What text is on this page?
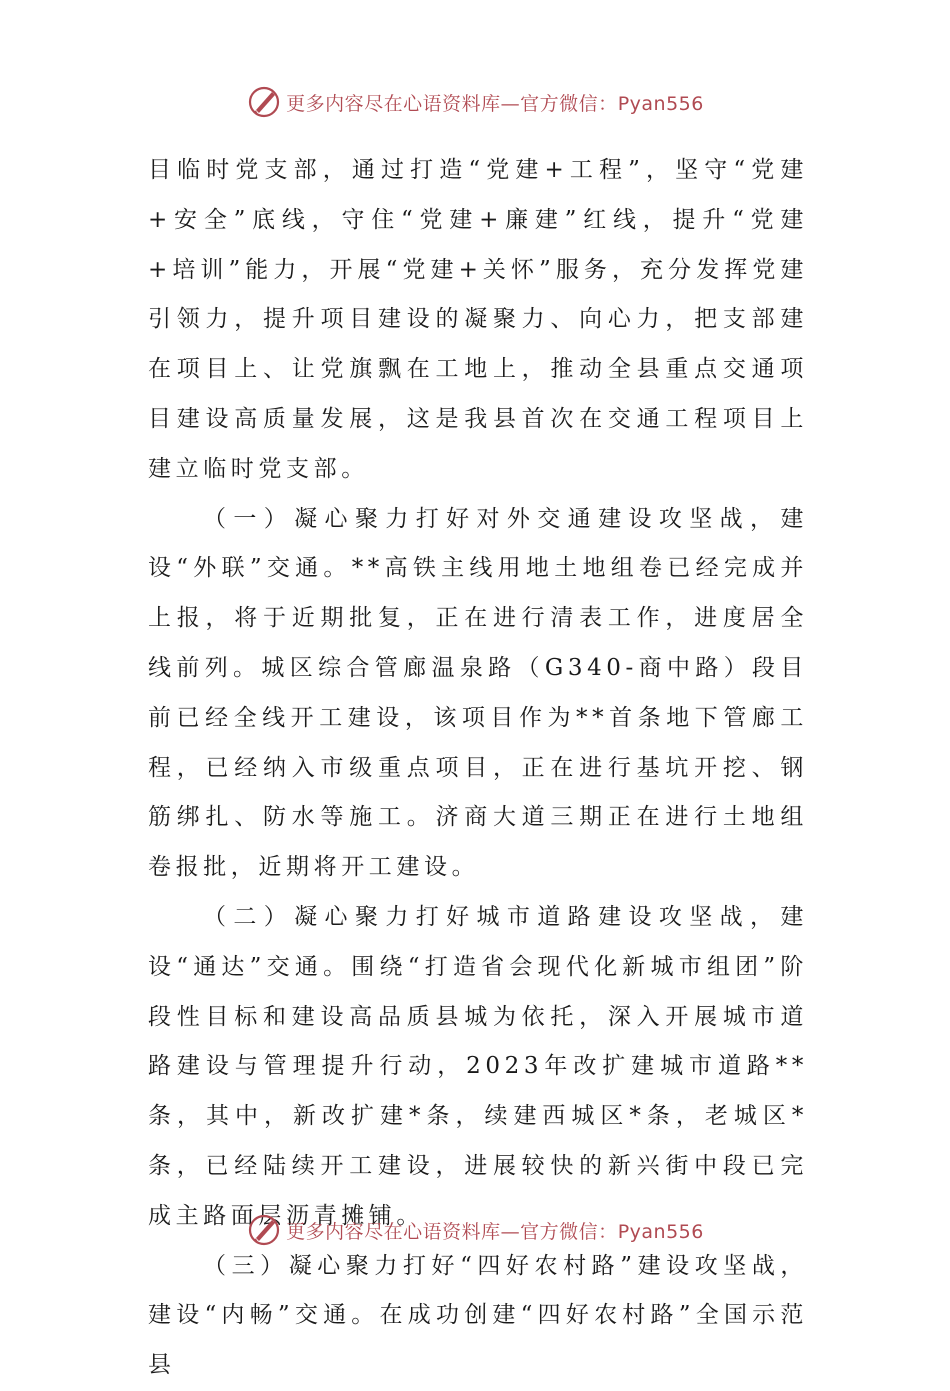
更多内容尽在心语资料库—官方微信：Pyan556

目临时党支部，通过打造“党建+工程”，坚守“党建+安全”底线，守住“党建+廉建”红线，提升“党建+培训”能力，开展“党建+关怀”服务，充分发挥党建引领力，提升项目建设的凝聚力、向心力，把支部建在项目上、让党旗飘在工地上，推动全县重点交通项目建设高质量发展，这是我县首次在交通工程项目上建立临时党支部。

（一）凝心聚力打好对外交通建设攻坚战，建设“外联”交通。**高铁主线用地土地组卷已经完成并上报，将于近期批复，正在进行清表工作，进度居全线前列。城区综合管廊温泉路（G340-商中路）段目前已经全线开工建设，该项目作为**首条地下管廊工程，已经纳入市级重点项目，正在进行基坑开挖、钢筋绑扎、防水等施工。济商大道三期正在进行土地组卷报批，近期将开工建设。

（二）凝心聚力打好城市道路建设攻坚战，建设“通达”交通。围绕“打造省会现代化新城市组团”阶段性目标和建设高品质县城为依托，深入开展城市道路建设与管理提升行动，2023年改扩建城市道路**条，其中，新改扩建*条，续建西城区*条，老城区*条，已经陆续开工建设，进展较快的新兴街中段已完成主路面层沥青摊铺。

（三）凝心聚力打好“四好农村路”建设攻坚战，建设“内畅”交通。在成功创建“四好农村路”全国示范县

更多内容尽在心语资料库—官方微信：Pyan556
